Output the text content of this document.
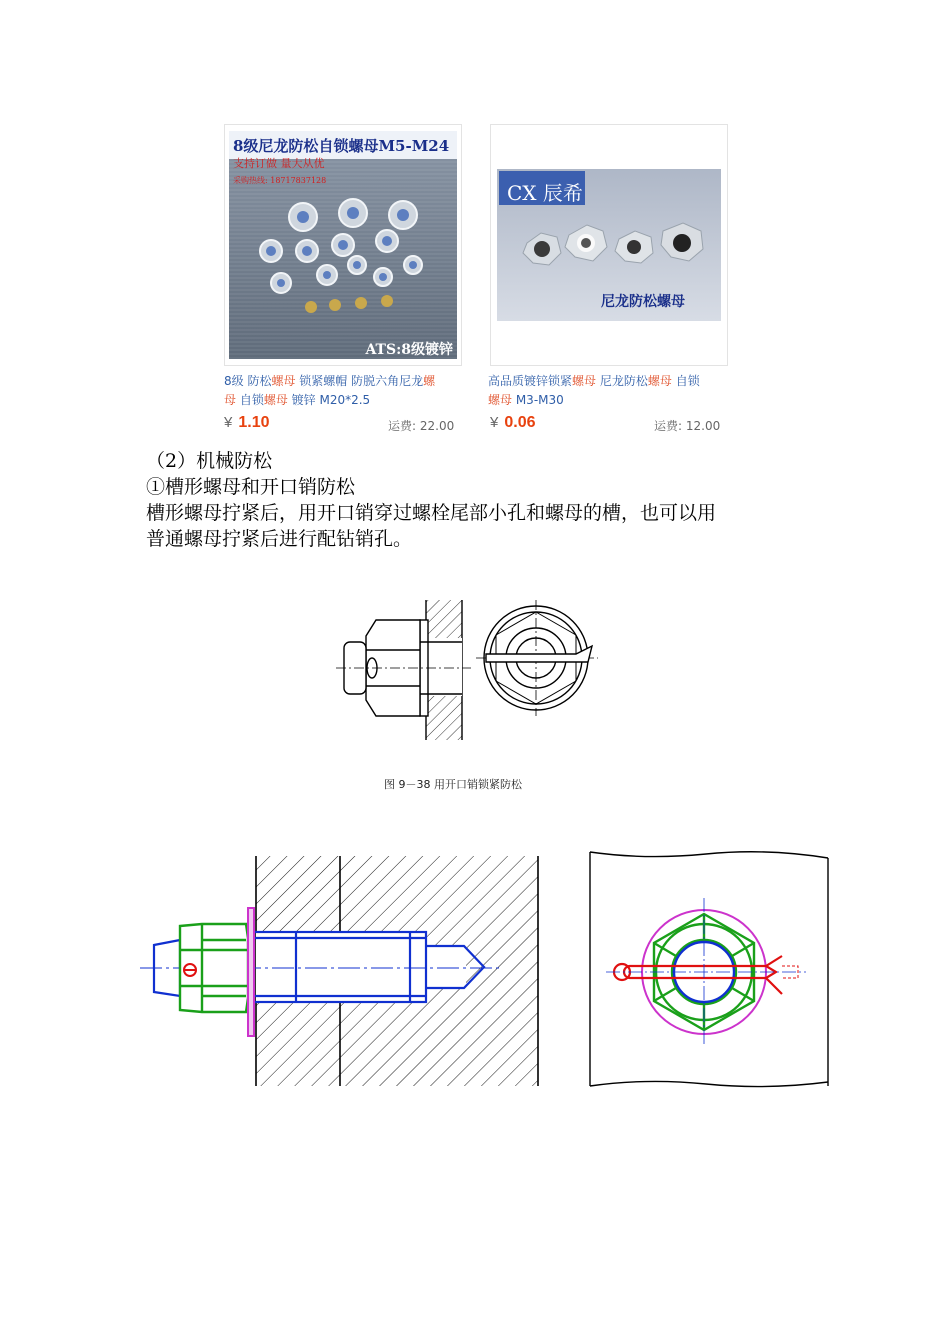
8级尼龙防松自锁螺母M5-M24
支持订做 量大从优
采购热线: 18717837128
ATS:8级镀锌
8级 防松螺母 锁紧螺帽 防脱六角尼龙螺
母 自锁螺母 镀锌 M20*2.5
¥ 1.10	运费: 22.00
CX 辰希
尼龙防松螺母
高品质镀锌锁紧螺母 尼龙防松螺母 自锁
螺母 M3-M30
¥ 0.06	运费: 12.00
（2）机械防松
①槽形螺母和开口销防松
槽形螺母拧紧后，用开口销穿过螺栓尾部小孔和螺母的槽，也可以用
普通螺母拧紧后进行配钻销孔。
图 9－38 用开口销锁紧防松
